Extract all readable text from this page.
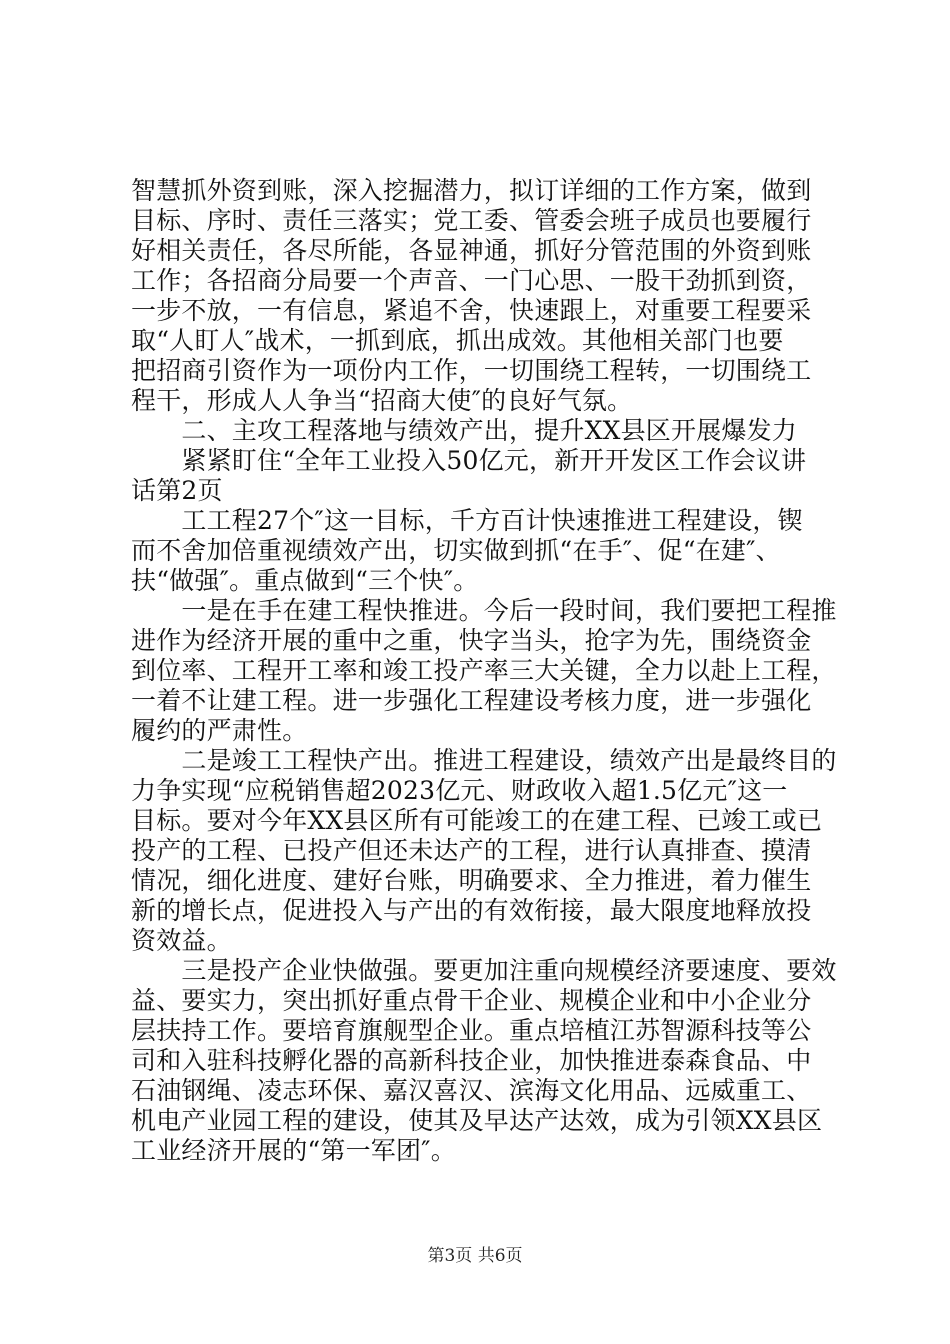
智慧抓外资到账，深入挖掘潜力，拟订详细的工作方案，做到
目标、序时、责任三落实；党工委、管委会班子成员也要履行
好相关责任，各尽所能，各显神通，抓好分管范围的外资到账
工作；各招商分局要一个声音、一门心思、一股干劲抓到资，
一步不放，一有信息，紧追不舍，快速跟上，对重要工程要采
取“人盯人″战术，一抓到底，抓出成效。其他相关部门也要
把招商引资作为一项份内工作，一切围绕工程转，一切围绕工
程干，形成人人争当“招商大使″的良好气氛。
　　二、主攻工程落地与绩效产出，提升XX县区开展爆发力
　　紧紧盯住“全年工业投入50亿元，新开开发区工作会议讲
话第2页
　　工工程27个″这一目标，千方百计快速推进工程建设，锲
而不舍加倍重视绩效产出，切实做到抓“在手″、促“在建″、
扶“做强″。重点做到“三个快″。
　　一是在手在建工程快推进。今后一段时间，我们要把工程推
进作为经济开展的重中之重，快字当头，抢字为先，围绕资金
到位率、工程开工率和竣工投产率三大关键，全力以赴上工程，
一着不让建工程。进一步强化工程建设考核力度，进一步强化
履约的严肃性。
　　二是竣工工程快产出。推进工程建设，绩效产出是最终目的
力争实现“应税销售超2023亿元、财政收入超1.5亿元″这一
目标。要对今年XX县区所有可能竣工的在建工程、已竣工或已
投产的工程、已投产但还未达产的工程，进行认真排查、摸清
情况，细化进度、建好台账，明确要求、全力推进，着力催生
新的增长点，促进投入与产出的有效衔接，最大限度地释放投
资效益。
　　三是投产企业快做强。要更加注重向规模经济要速度、要效
益、要实力，突出抓好重点骨干企业、规模企业和中小企业分
层扶持工作。要培育旗舰型企业。重点培植江苏智源科技等公
司和入驻科技孵化器的高新科技企业，加快推进泰森食品、中
石油钢绳、凌志环保、嘉汉喜汉、滨海文化用品、远威重工、
机电产业园工程的建设，使其及早达产达效，成为引领XX县区
工业经济开展的“第一军团″。
第3页 共6页
